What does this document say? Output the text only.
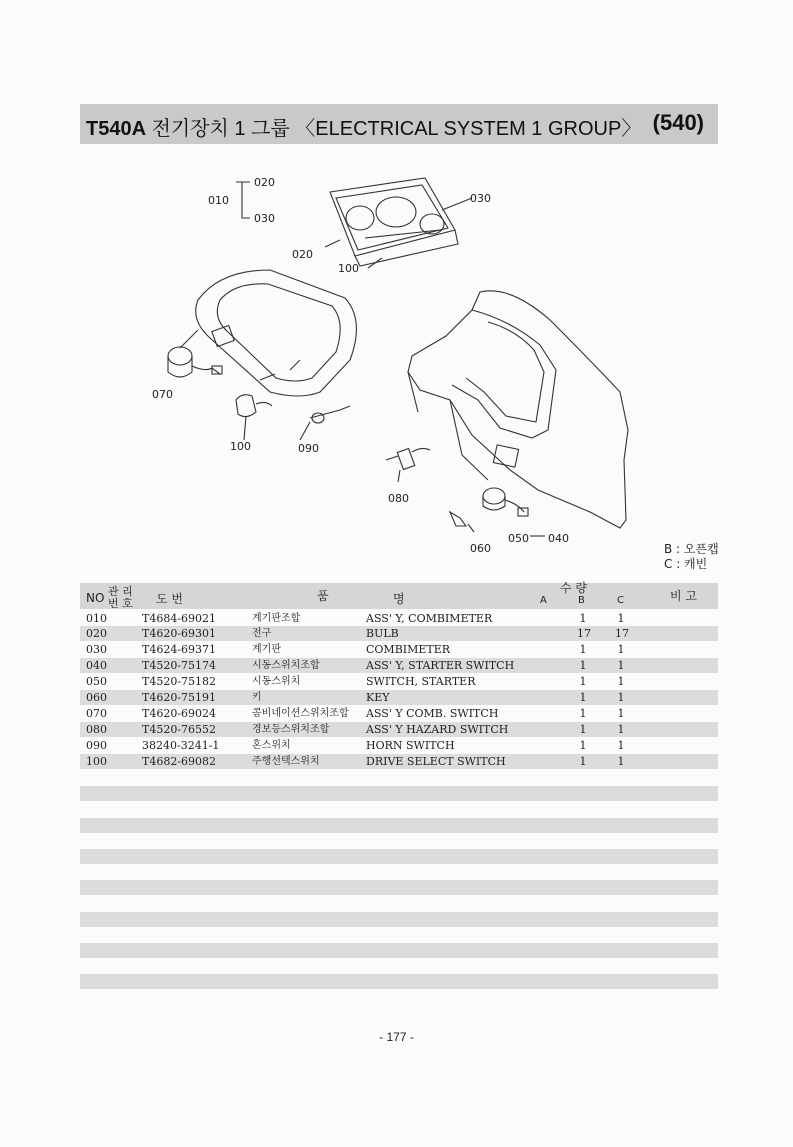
T540A 전기장치 1 그룹 〈ELECTRICAL SYSTEM 1 GROUP〉 (540)
010
020
030
030
020
100
070
100	090
080
050 040
060	B : 오픈캡
C : 캐빈
NO 관 리
번 호 도 번	품	명
수 량
A	B	C	비 고
010	T4684-69021	계기판조합	ASS' Y, COMBIMETER	1	1
020	T4620-69301	전구	BULB	17 17
030	T4624-69371	계기판	COMBIMETER	1	1
040	T4520-75174	시동스위치조합	ASS' Y, STARTER SWITCH	1	1
050	T4520-75182	시동스위치	SWITCH, STARTER	1	1
060	T4620-75191	키	KEY	1	1
070	T4620-69024	콤비네이션스위치조합 ASS' Y COMB. SWITCH	1	1
080	T4520-76552	경보등스위치조합	ASS' Y HAZARD SWITCH	1	1
090	38240-3241-1	혼스위치	HORN SWITCH	1	1
100	T4682-69082	주행선택스위치	DRIVE SELECT SWITCH	1	1
- 177 -
